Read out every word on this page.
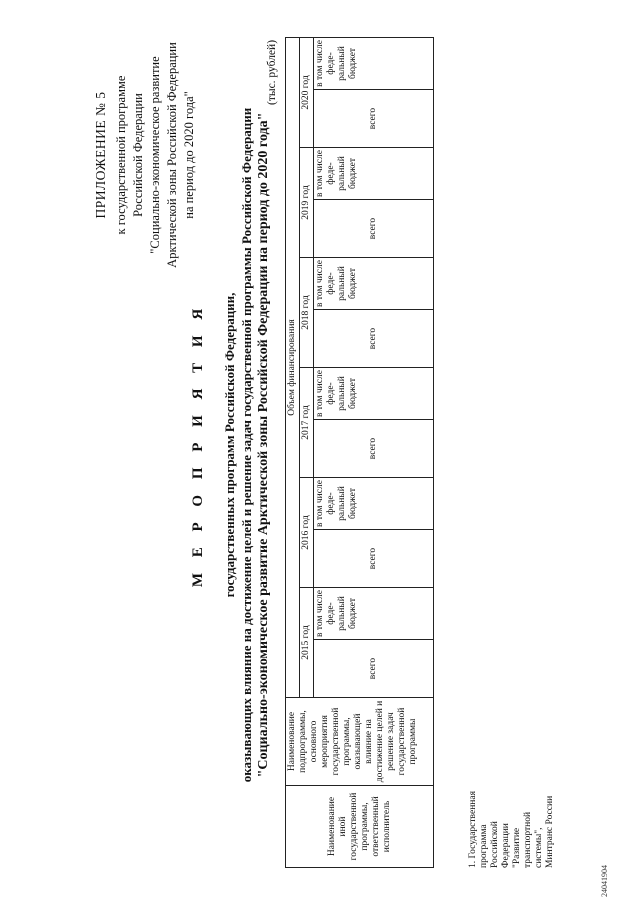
ПРИЛОЖЕНИЕ № 5 к государственной программе Российской Федерации "Социально-экономическое развитие Арктической зоны Российской Федерации на период до 2020 года"
М Е Р О П Р И Я Т И Я государственных программ Российской Федерации, оказывающих влияние на достижение целей и решение задач государственной программы Российской Федерации "Социально-экономическое развитие Арктической зоны Российской Федерации на период до 2020 года"
(тыс. рублей)
Наименование иной государственной программы, ответственный исполнитель	Наименование подпрограммы, основного мероприятия государственной программы, оказывающей влияние на достижение целей и решение задач государственной программы	Объем финансирования											
		2015 год		2016 год		2017 год		2018 год		2019 год		2020 год	
		всего	в том числе феде-ральный бюджет	всего	в том числе феде-ральный бюджет	всего	в том числе феде-ральный бюджет	всего	в том числе феде-ральный бюджет	всего	в том числе феде-ральный бюджет	всего	в том числе феде-ральный бюджет
1. Государственная программа Российской Федерации "Развитие транспортной системы", Минтранс России
24041904
